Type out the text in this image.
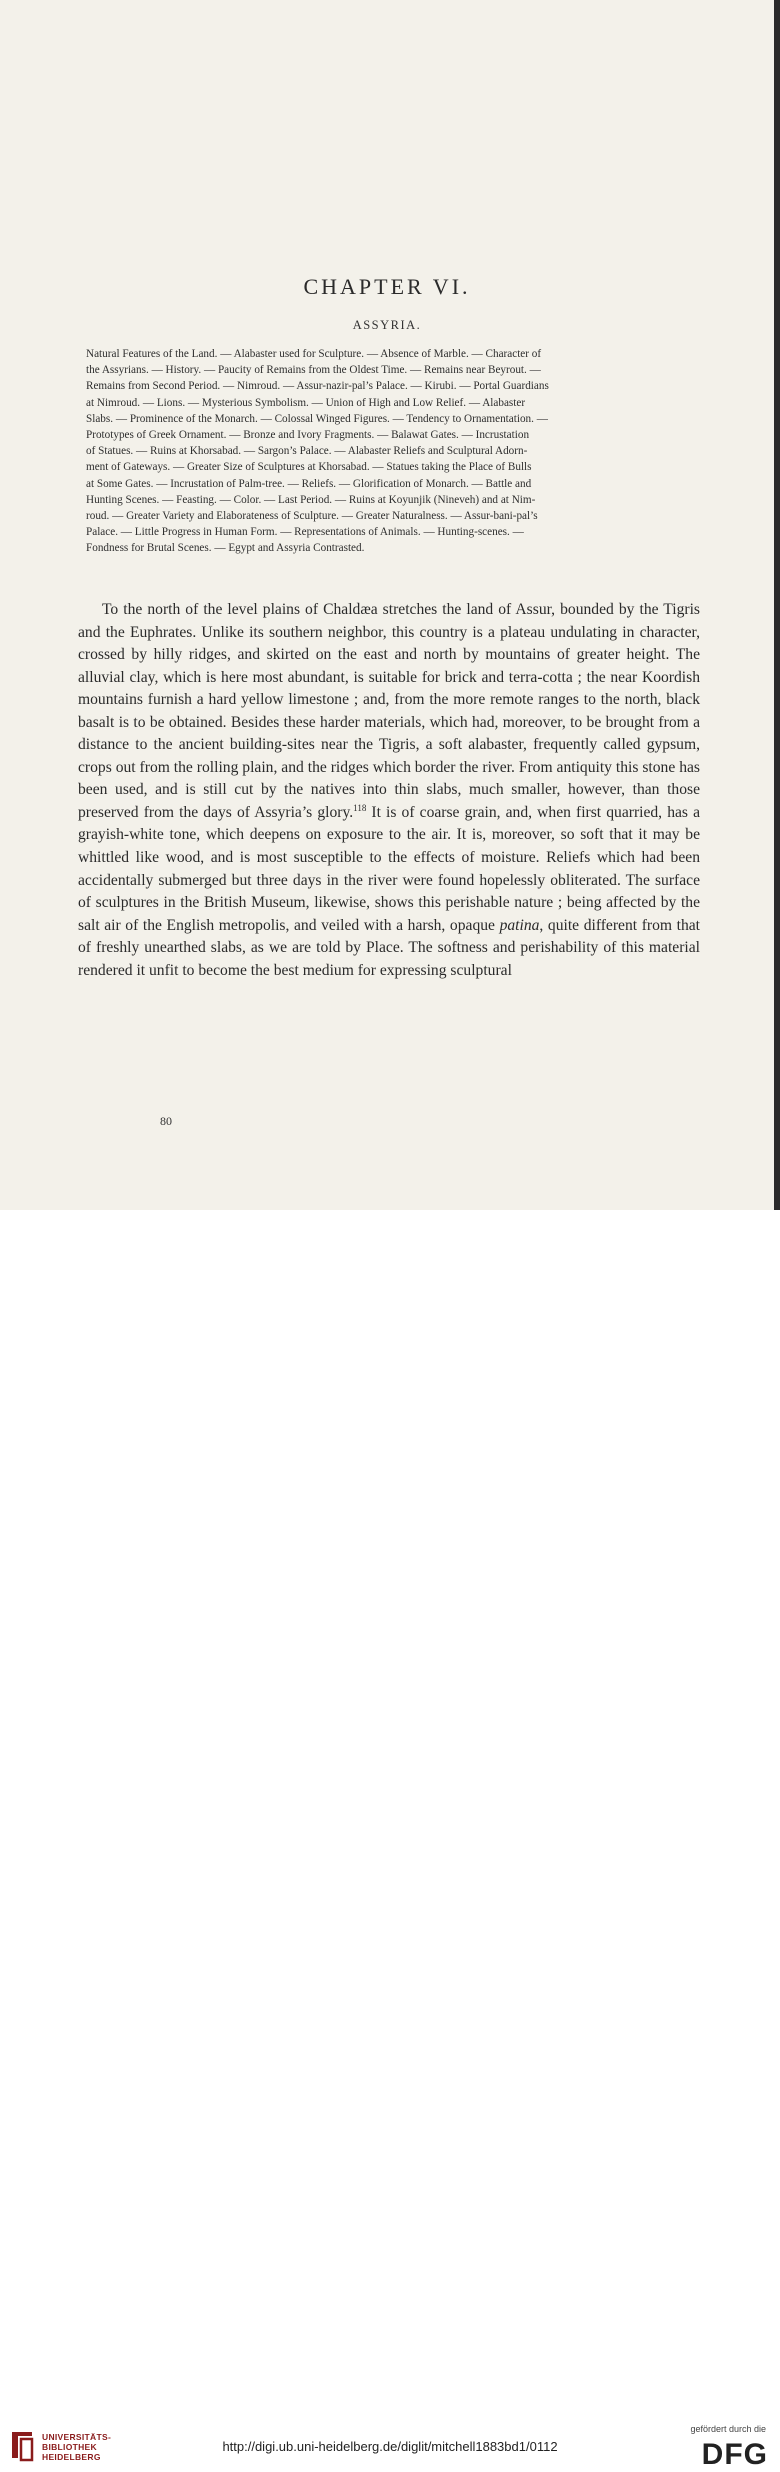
CHAPTER VI.
ASSYRIA.
Natural Features of the Land. — Alabaster used for Sculpture. — Absence of Marble. — Character of
the Assyrians. — History. — Paucity of Remains from the Oldest Time. — Remains near Beyrout. —
Remains from Second Period. — Nimroud. — Assur-nazir-pal’s Palace. — Kirubi. — Portal Guardians
at Nimroud. — Lions. — Mysterious Symbolism. — Union of High and Low Relief. — Alabaster
Slabs. — Prominence of the Monarch. — Colossal Winged Figures. — Tendency to Ornamentation. —
Prototypes of Greek Ornament. — Bronze and Ivory Fragments. — Balawat Gates. — Incrustation
of Statues. — Ruins at Khorsabad. — Sargon’s Palace. — Alabaster Reliefs and Sculptural Adorn-
ment of Gateways. — Greater Size of Sculptures at Khorsabad. — Statues taking the Place of Bulls
at Some Gates. — Incrustation of Palm-tree. — Reliefs. — Glorification of Monarch. — Battle and
Hunting Scenes. — Feasting. — Color. — Last Period. — Ruins at Koyunjik (Nineveh) and at Nim-
roud. — Greater Variety and Elaborateness of Sculpture. — Greater Naturalness. — Assur-bani-pal’s
Palace. — Little Progress in Human Form. — Representations of Animals. — Hunting-scenes. —
Fondness for Brutal Scenes. — Egypt and Assyria Contrasted.

To the north of the level plains of Chaldæa stretches the land of Assur, bounded by the Tigris and the Euphrates. Unlike its southern neighbor, this country is a plateau undulating in character, crossed by hilly ridges, and skirted on the east and north by mountains of greater height. The alluvial clay, which is here most abundant, is suitable for brick and terra-cotta ; the near Koordish mountains furnish a hard yellow limestone ; and, from the more remote ranges to the north, black basalt is to be obtained. Besides these harder materials, which had, moreover, to be brought from a distance to the ancient building-sites near the Tigris, a soft alabaster, frequently called gypsum, crops out from the rolling plain, and the ridges which border the river. From antiquity this stone has been used, and is still cut by the natives into thin slabs, much smaller, however, than those preserved from the days of Assyria’s glory.$^{118}$ It is of coarse grain, and, when first quarried, has a grayish-white tone, which deepens on exposure to the air. It is, moreover, so soft that it may be whittled like wood, and is most susceptible to the effects of moisture. Reliefs which had been accidentally submerged but three days in the river were found hopelessly obliterated. The surface of sculptures in the British Museum, likewise, shows this perishable nature ; being affected by the salt air of the English metropolis, and veiled with a harsh, opaque patina, quite different from that of freshly unearthed slabs, as we are told by Place. The softness and perishability of this material rendered it unfit to become the best medium for expressing sculptural

80
UNIVERSITÄTS-
BIBLIOTHEK
HEIDELBERG
http://digi.ub.uni-heidelberg.de/diglit/mitchell1883bd1/0112
gefördert durch die
DFG
